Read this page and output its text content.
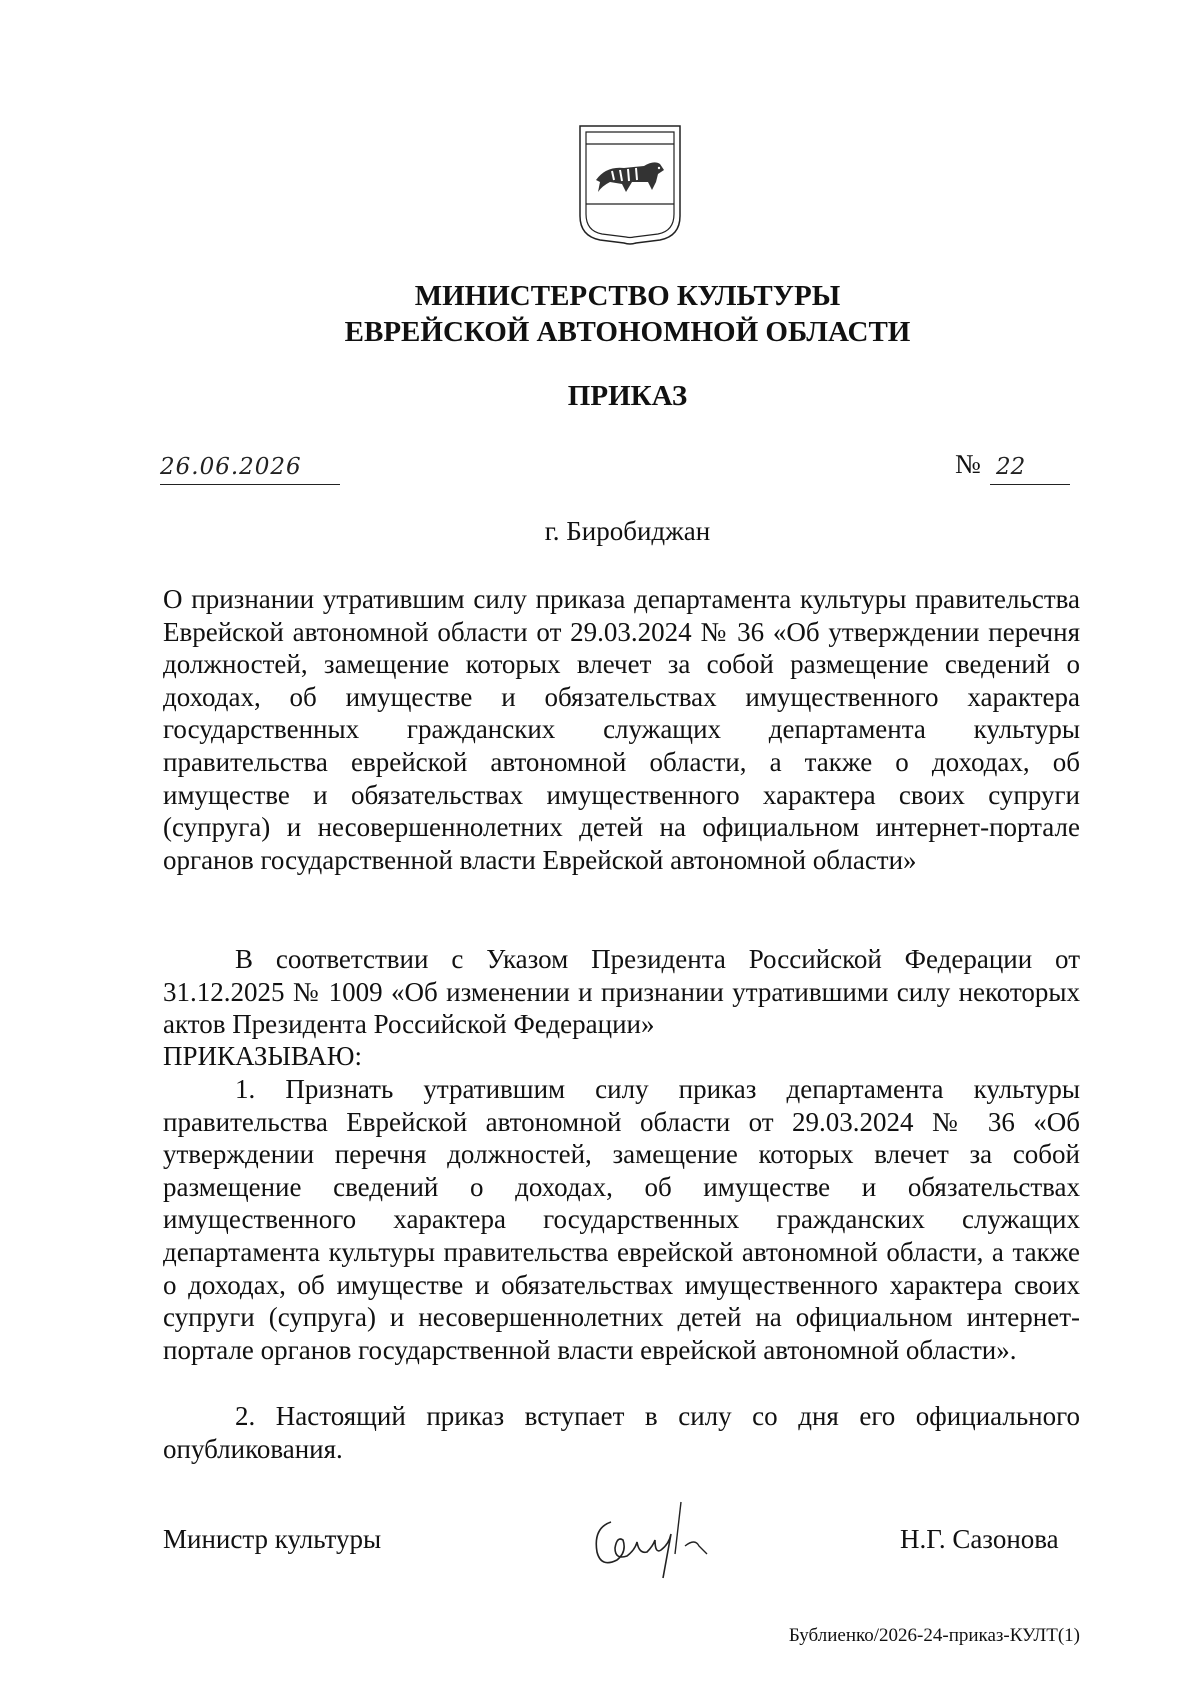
МИНИСТЕРСТВО КУЛЬТУРЫ
ЕВРЕЙСКОЙ АВТОНОМНОЙ ОБЛАСТИ
ПРИКАЗ
26.06.2026	№ 22
г. Биробиджан
О признании утратившим силу приказа департамента культуры правительства Еврейской автономной области от 29.03.2024 № 36 «Об утверждении перечня должностей, замещение которых влечет за собой размещение сведений о доходах, об имуществе и обязательствах имущественного характера государственных гражданских служащих департамента культуры правительства еврейской автономной области, а также о доходах, об имуществе и обязательствах имущественного характера своих супруги (супруга) и несовершеннолетних детей на официальном интернет-портале органов государственной власти Еврейской автономной области»
В соответствии с Указом Президента Российской Федерации от 31.12.2025 № 1009 «Об изменении и признании утратившими силу некоторых актов Президента Российской Федерации»
ПРИКАЗЫВАЮ:
1. Признать утратившим силу приказ департамента культуры правительства Еврейской автономной области от 29.03.2024 № 36 «Об утверждении перечня должностей, замещение которых влечет за собой размещение сведений о доходах, об имуществе и обязательствах имущественного характера государственных гражданских служащих департамента культуры правительства еврейской автономной области, а также о доходах, об имуществе и обязательствах имущественного характера своих супруги (супруга) и несовершеннолетних детей на официальном интернет-портале органов государственной власти еврейской автономной области».
2. Настоящий приказ вступает в силу со дня его официального опубликования.
Министр культуры	Н.Г. Сазонова
Бублиенко/2026-24-приказ-КУЛТ(1)
